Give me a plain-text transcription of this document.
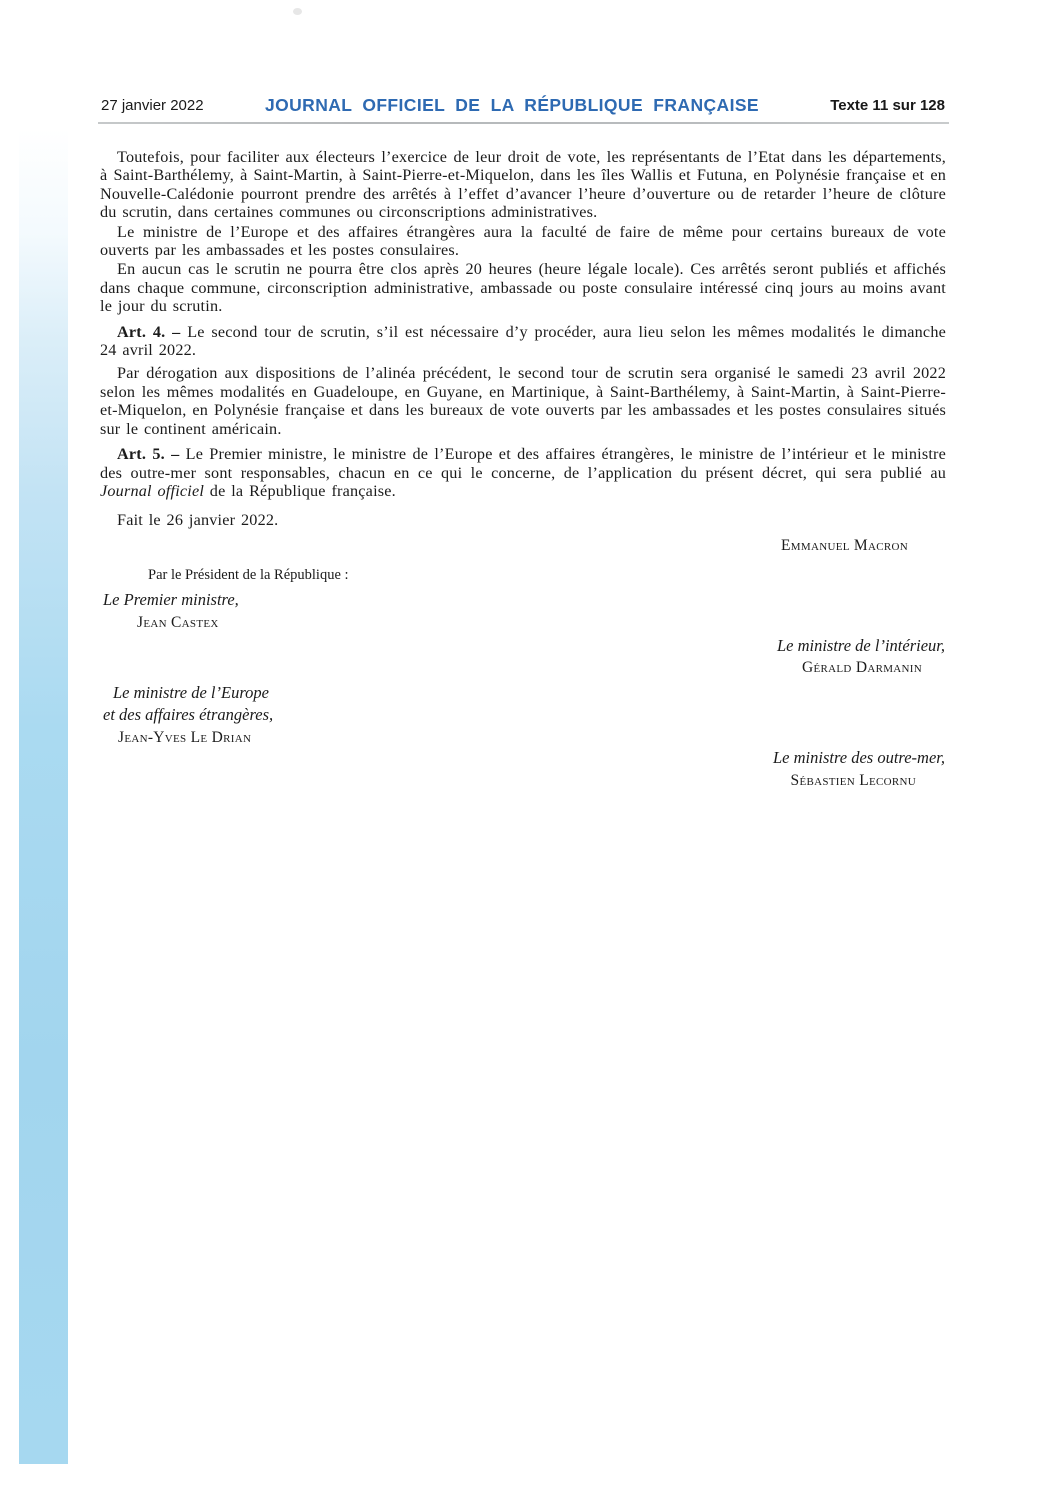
27 janvier 2022	JOURNAL OFFICIEL DE LA RÉPUBLIQUE FRANÇAISE	Texte 11 sur 128

Toutefois, pour faciliter aux électeurs l’exercice de leur droit de vote, les représentants de l’Etat dans les départements, à Saint-Barthélemy, à Saint-Martin, à Saint-Pierre-et-Miquelon, dans les îles Wallis et Futuna, en Polynésie française et en Nouvelle-Calédonie pourront prendre des arrêtés à l’effet d’avancer l’heure d’ouverture ou de retarder l’heure de clôture du scrutin, dans certaines communes ou circonscriptions administratives.

Le ministre de l’Europe et des affaires étrangères aura la faculté de faire de même pour certains bureaux de vote ouverts par les ambassades et les postes consulaires.

En aucun cas le scrutin ne pourra être clos après 20 heures (heure légale locale). Ces arrêtés seront publiés et affichés dans chaque commune, circonscription administrative, ambassade ou poste consulaire intéressé cinq jours au moins avant le jour du scrutin.

Art. 4. – Le second tour de scrutin, s’il est nécessaire d’y procéder, aura lieu selon les mêmes modalités le dimanche 24 avril 2022.

Par dérogation aux dispositions de l’alinéa précédent, le second tour de scrutin sera organisé le samedi 23 avril 2022 selon les mêmes modalités en Guadeloupe, en Guyane, en Martinique, à Saint-Barthélemy, à Saint-Martin, à Saint-Pierre-et-Miquelon, en Polynésie française et dans les bureaux de vote ouverts par les ambassades et les postes consulaires situés sur le continent américain.

Art. 5. – Le Premier ministre, le ministre de l’Europe et des affaires étrangères, le ministre de l’intérieur et le ministre des outre-mer sont responsables, chacun en ce qui le concerne, de l’application du présent décret, qui sera publié au Journal officiel de la République française.

Fait le 26 janvier 2022.

Emmanuel Macron
Par le Président de la République :
Le Premier ministre,
Jean Castex
Le ministre de l’intérieur,
Gérald Darmanin
Le ministre de l’Europe
et des affaires étrangères,
Jean-Yves Le Drian
Le ministre des outre-mer,
Sébastien Lecornu
